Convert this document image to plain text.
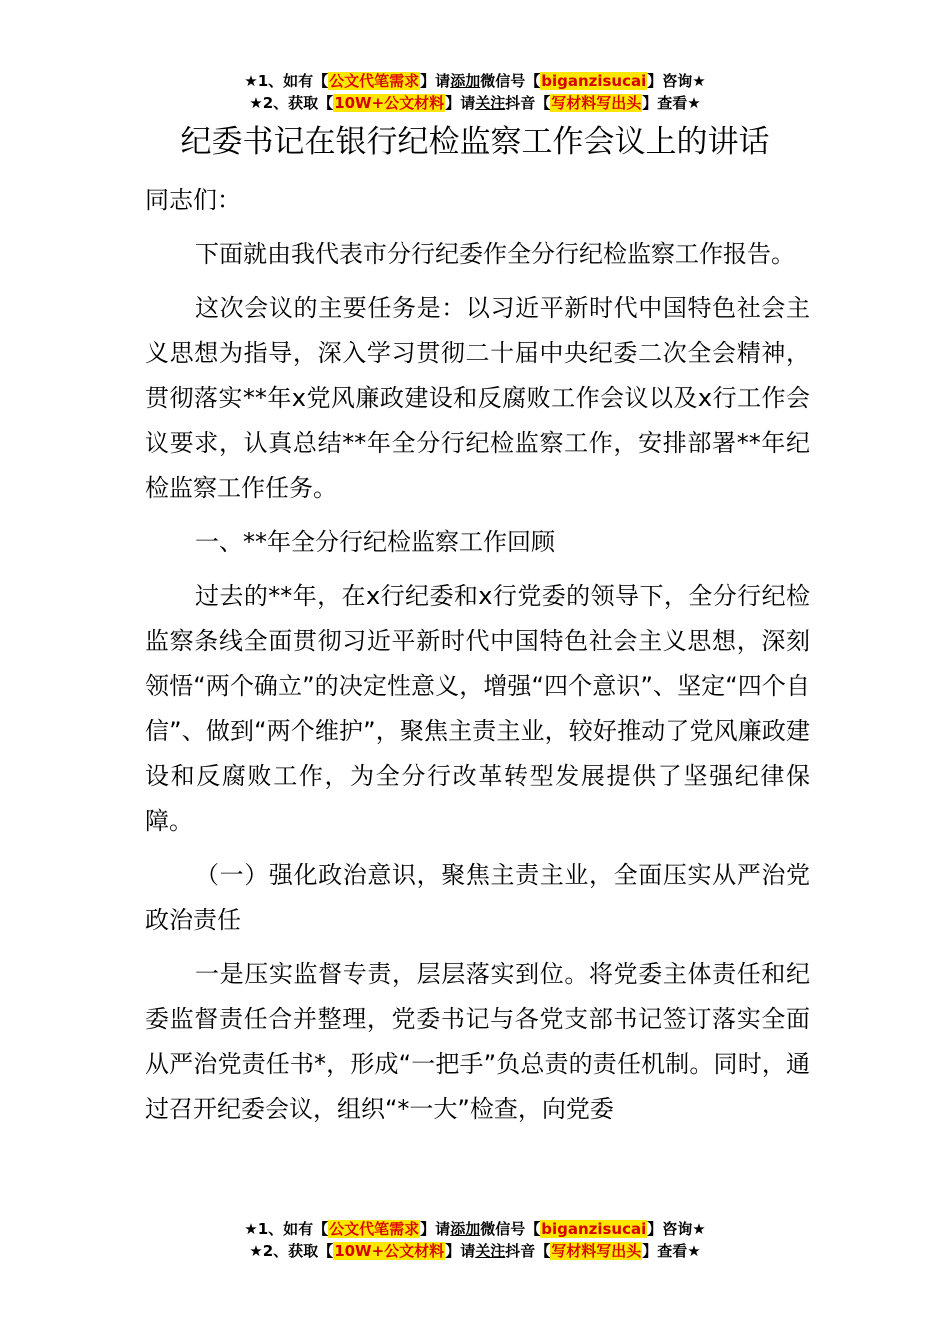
★1、如有【公文代笔需求】请添加微信号【biganzisucai】咨询★
★2、获取【10W+公文材料】请关注抖音【写材料写出头】查看★
纪委书记在银行纪检监察工作会议上的讲话

同志们：

下面就由我代表市分行纪委作全分行纪检监察工作报告。

这次会议的主要任务是：以习近平新时代中国特色社会主义思想为指导，深入学习贯彻二十届中央纪委二次全会精神，贯彻落实**年x党风廉政建设和反腐败工作会议以及x行工作会议要求，认真总结**年全分行纪检监察工作，安排部署**年纪检监察工作任务。

一、**年全分行纪检监察工作回顾

过去的**年，在x行纪委和x行党委的领导下，全分行纪检监察条线全面贯彻习近平新时代中国特色社会主义思想，深刻领悟“两个确立”的决定性意义，增强“四个意识”、坚定“四个自信”、做到“两个维护”，聚焦主责主业，较好推动了党风廉政建设和反腐败工作，为全分行改革转型发展提供了坚强纪律保障。

（一）强化政治意识，聚焦主责主业，全面压实从严治党政治责任

一是压实监督专责，层层落实到位。将党委主体责任和纪委监督责任合并整理，党委书记与各党支部书记签订落实全面从严治党责任书*，形成“一把手”负总责的责任机制。同时，通过召开纪委会议，组织“*一大”检查，向党委

★1、如有【公文代笔需求】请添加微信号【biganzisucai】咨询★
★2、获取【10W+公文材料】请关注抖音【写材料写出头】查看★
